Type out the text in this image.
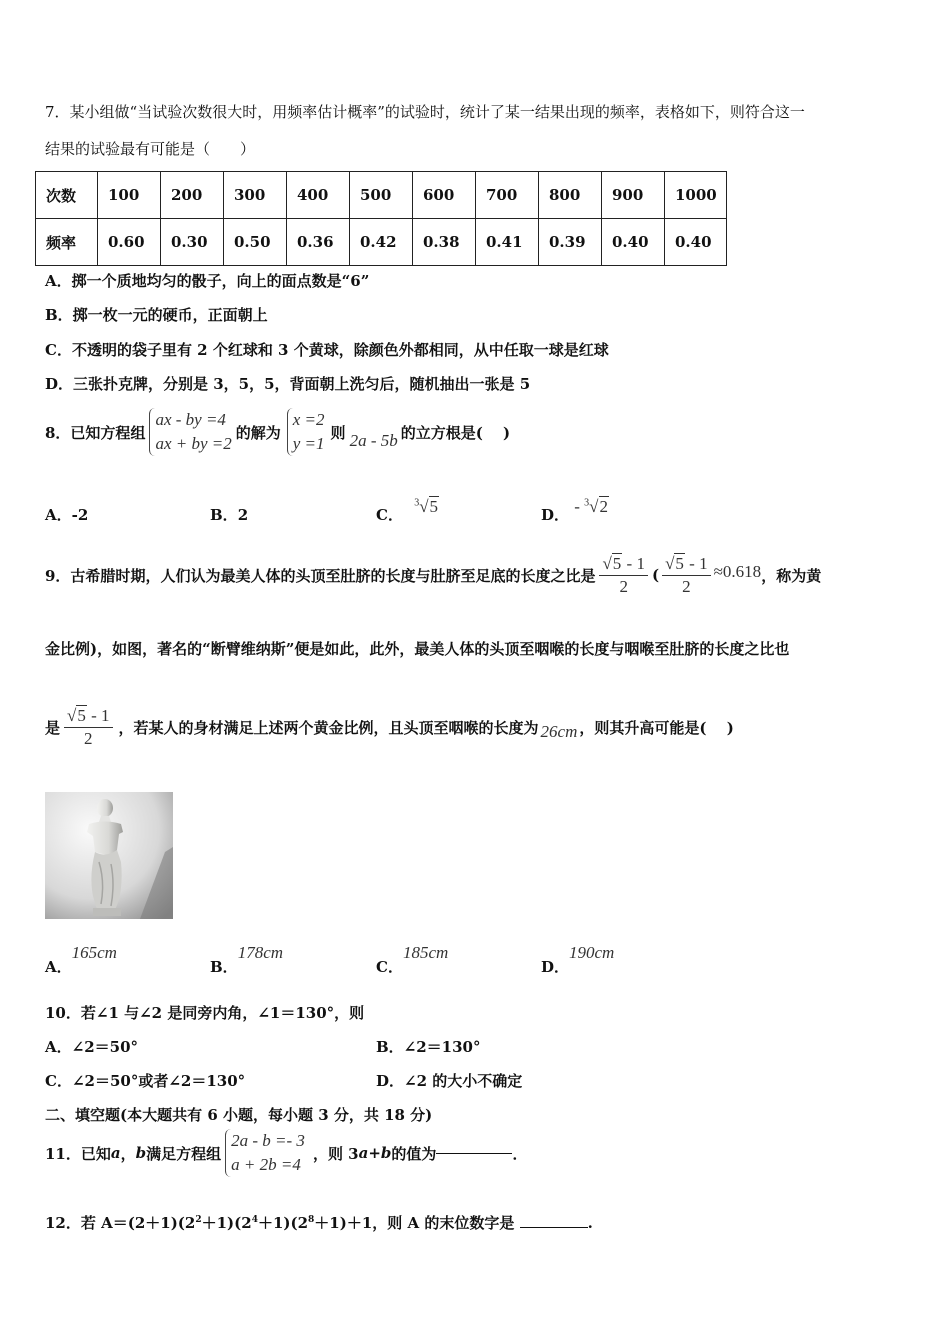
7．某小组做“当试验次数很大时，用频率估计概率”的试验时，统计了某一结果出现的频率，表格如下，则符合这一
结果的试验最有可能是（　　）
次数	100	200	300	400	500	600	700	800	900	1000
频率	0.60	0.30	0.50	0.36	0.42	0.38	0.41	0.39	0.40	0.40
A．掷一个质地均匀的骰子，向上的面点数是“6”
B．掷一枚一元的硬币，正面朝上
C．不透明的袋子里有 2 个红球和 3 个黄球，除颜色外都相同，从中任取一球是红球
D．三张扑克牌，分别是 3，5，5，背面朝上洗匀后，随机抽出一张是 5
8．已知方程组
ax - by =4
ax + by =2
的解为
x =2
y =1
则 2a - 5b 的立方根是(　 )
A．-2	B．2	C． $^3$√5	D． - $^3$√2
9．古希腊时期，人们认为最美人体的头顶至肚脐的长度与肚脐至足底的长度之比是 $\frac{√5 - 1}{2}$ ( $\frac{√5 - 1}{2} \approx 0.618$ ，称为黄
金比例)，如图，著名的“断臂维纳斯”便是如此，此外，最美人体的头顶至咽喉的长度与咽喉至肚脐的长度之比也
是 $\frac{√5 - 1}{2}$ ，若某人的身材满足上述两个黄金比例，且头顶至咽喉的长度为 26cm ，则其升高可能是(　 )
A．165cm
B．178cm
C．185cm
D．190cm
10．若∠1 与∠2 是同旁内角，∠1＝130°，则
A．∠2＝50°	B．∠2＝130°
C．∠2＝50°或者∠2＝130°	D．∠2 的大小不确定
二、填空题(本大题共有 6 小题，每小题 3 分，共 18 分)
11．已知 a ， b 满足方程组
2a - b =- 3
a + 2b =4
，则 3 a + b 的值为	．
12．若 $A=(2+1)(2^2+1)(2^4+1)(2^8+1)+1$，则 A 的末位数字是	.
